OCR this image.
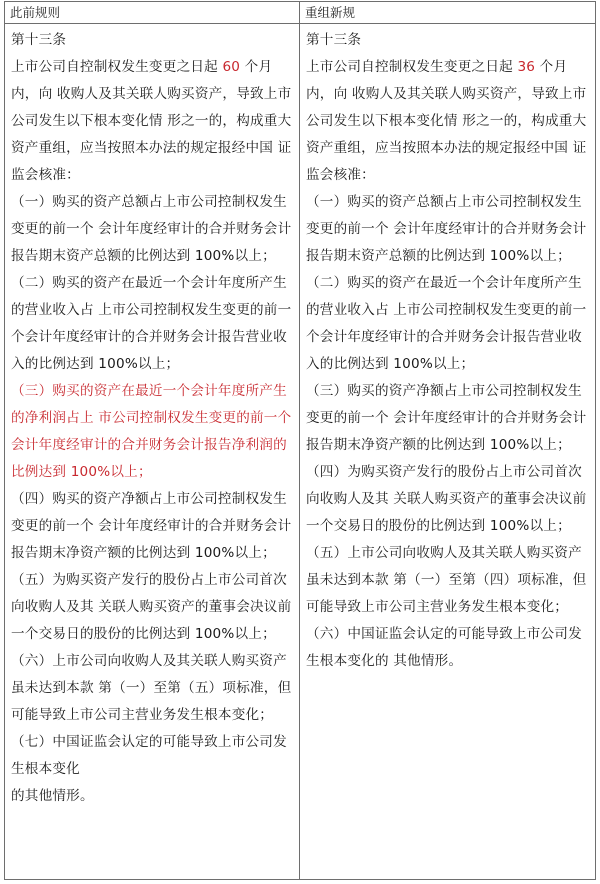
此前规则	重组新规

第十三条

上市公司自控制权发生变更之日起 60 个月内，向 收购人及其关联人购买资产，导致上市公司发生以下根本变化情 形之一的，构成重大资产重组，应当按照本办法的规定报经中国 证监会核准：

（一）购买的资产总额占上市公司控制权发生变更的前一个 会计年度经审计的合并财务会计报告期末资产总额的比例达到 100%以上；

（二）购买的资产在最近一个会计年度所产生的营业收入占 上市公司控制权发生变更的前一个会计年度经审计的合并财务会计报告营业收入的比例达到 100%以上；

（三）购买的资产在最近一个会计年度所产生的净利润占上 市公司控制权发生变更的前一个会计年度经审计的合并财务会计报告净利润的比例达到 100%以上；

（四）购买的资产净额占上市公司控制权发生变更的前一个 会计年度经审计的合并财务会计报告期末净资产额的比例达到 100%以上；

（五）为购买资产发行的股份占上市公司首次向收购人及其 关联人购买资产的董事会决议前一个交易日的股份的比例达到 100%以上；

（六）上市公司向收购人及其关联人购买资产虽未达到本款 第（一）至第（五）项标准，但可能导致上市公司主营业务发生根本变化；

（七）中国证监会认定的可能导致上市公司发生根本变化

的其他情形。

第十三条

上市公司自控制权发生变更之日起 36 个月内，向 收购人及其关联人购买资产，导致上市公司发生以下根本变化情 形之一的，构成重大资产重组，应当按照本办法的规定报经中国 证监会核准：

（一）购买的资产总额占上市公司控制权发生变更的前一个 会计年度经审计的合并财务会计报告期末资产总额的比例达到 100%以上；

（二）购买的资产在最近一个会计年度所产生的营业收入占 上市公司控制权发生变更的前一个会计年度经审计的合并财务会计报告营业收入的比例达到 100%以上；

（三）购买的资产净额占上市公司控制权发生变更的前一个 会计年度经审计的合并财务会计报告期末净资产额的比例达到 100%以上；

（四）为购买资产发行的股份占上市公司首次向收购人及其 关联人购买资产的董事会决议前一个交易日的股份的比例达到 100%以上；

（五）上市公司向收购人及其关联人购买资产虽未达到本款 第（一）至第（四）项标准，但可能导致上市公司主营业务发生根本变化；

（六）中国证监会认定的可能导致上市公司发生根本变化的 其他情形。
